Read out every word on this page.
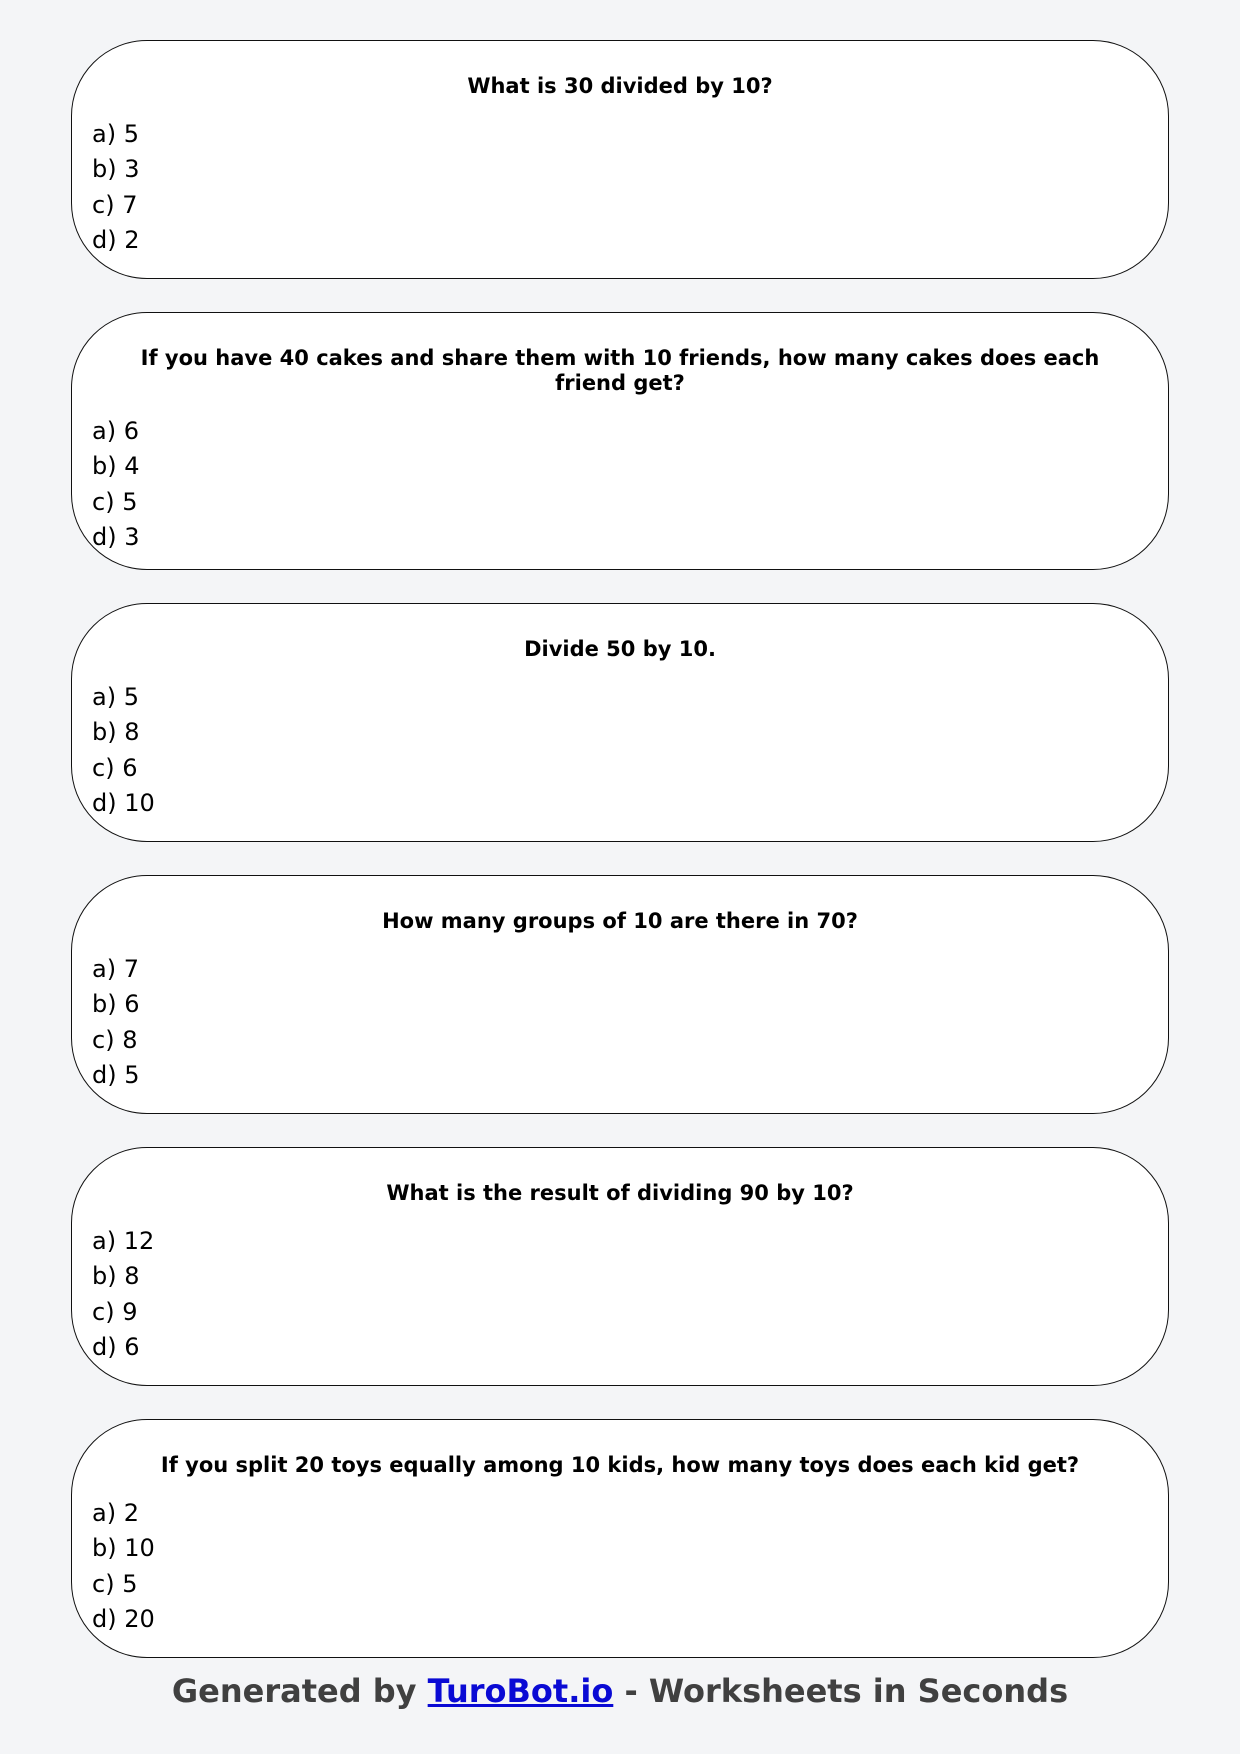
What is 30 divided by 10?
a) 5
b) 3
c) 7
d) 2
If you have 40 cakes and share them with 10 friends, how many cakes does each friend get?
a) 6
b) 4
c) 5
d) 3
Divide 50 by 10.
a) 5
b) 8
c) 6
d) 10
How many groups of 10 are there in 70?
a) 7
b) 6
c) 8
d) 5
What is the result of dividing 90 by 10?
a) 12
b) 8
c) 9
d) 6
If you split 20 toys equally among 10 kids, how many toys does each kid get?
a) 2
b) 10
c) 5
d) 20
Generated by TuroBot.io - Worksheets in Seconds
